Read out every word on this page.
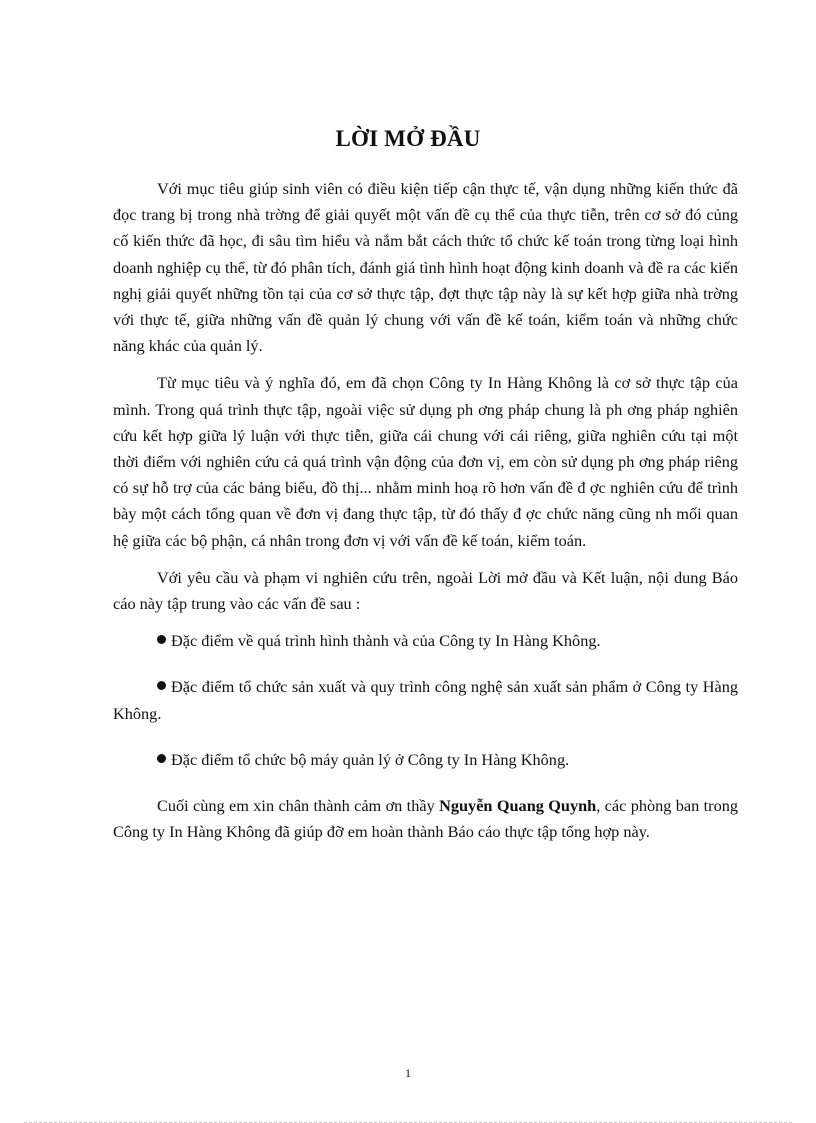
LỜI MỞ ĐẦU

Với mục tiêu giúp sinh viên có điều kiện tiếp cận thực tế, vận dụng những kiến thức đã đọc trang bị trong nhà trờng để giải quyết một vấn đề cụ thể của thực tiễn, trên cơ sở đó củng cố kiến thức đã học, đi sâu tìm hiểu và nắm bắt cách thức tổ chức kế toán trong từng loại hình doanh nghiệp cụ thể, từ đó phân tích, đánh giá tình hình hoạt động kinh doanh và đề ra các kiến nghị giải quyết những tồn tại của cơ sở thực tập, đợt thực tập này là sự kết hợp giữa nhà trờng với thực tế, giữa những vấn đề quản lý chung với vấn đề kế toán, kiểm toán và những chức năng khác của quản lý.

Từ mục tiêu và ý nghĩa đó, em đã chọn Công ty In Hàng Không là cơ sở thực tập của mình. Trong quá trình thực tập, ngoài việc sử dụng ph ơng pháp chung là ph ơng pháp nghiên cứu kết hợp giữa lý luận với thực tiễn, giữa cái chung với cái riêng, giữa nghiên cứu tại một thời điểm với nghiên cứu cả quá trình vận động của đơn vị, em còn sử dụng ph ơng pháp riêng có sự hỗ trợ của các bảng biểu, đồ thị... nhằm minh hoạ rõ hơn vấn đề đ ợc nghiên cứu để trình bày một cách tổng quan về đơn vị đang thực tập, từ đó thấy đ ợc chức năng cũng nh mối quan hệ giữa các bộ phận, cá nhân trong đơn vị với vấn đề kế toán, kiểm toán.

Với yêu cầu và phạm vi nghiên cứu trên, ngoài Lời mở đầu và Kết luận, nội dung Báo cáo này tập trung vào các vấn đề sau :

Đặc điểm về quá trình hình thành và của Công ty In Hàng Không.

Đặc điểm tổ chức sản xuất và quy trình công nghệ sản xuất sản phẩm ở Công ty Hàng Không.

Đặc điểm tổ chức bộ máy quản lý ở Công ty In Hàng Không.

Cuối cùng em xin chân thành cảm ơn thầy Nguyễn Quang Quynh, các phòng ban trong Công ty In Hàng Không đã giúp đỡ em hoàn thành Báo cáo thực tập tổng hợp này.

1
